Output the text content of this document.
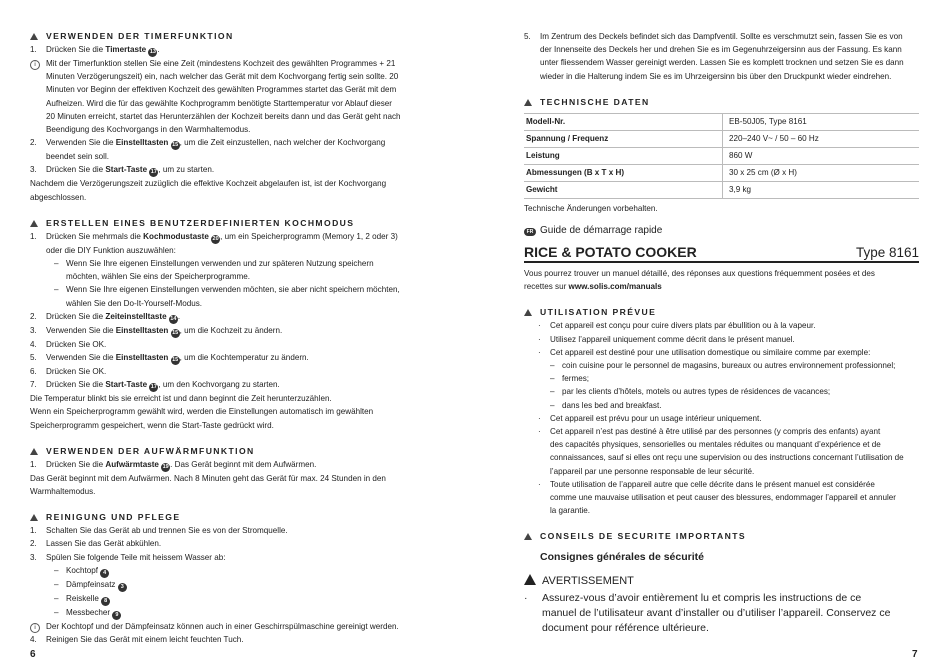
VERWENDEN DER TIMERFUNKTION
1. Drücken Sie die Timertaste 13.
i Mit der Timerfunktion stellen Sie eine Zeit (mindestens Kochzeit des gewählten Programmes + 21
Minuten Verzögerungszeit) ein, nach welcher das Gerät mit dem Kochvorgang fertig sein sollte. 20
Minuten vor Beginn der effektiven Kochzeit des gewählten Programmes startet das Gerät mit dem
Aufheizen. Wird die für das gewählte Kochprogramm benötigte Starttemperatur vor Ablauf dieser
20 Minuten erreicht, startet das Herunterzählen der Kochzeit bereits dann und das Gerät geht nach
Beendigung des Kochvorgangs in den Warmhaltemodus.
2. Verwenden Sie die Einstelltasten 15, um die Zeit einzustellen, nach welcher der Kochvorgang
beendet sein soll.
3. Drücken Sie die Start-Taste 17, um zu starten.
Nachdem die Verzögerungszeit zuzüglich die effektive Kochzeit abgelaufen ist, ist der Kochvorgang
abgeschlossen.
ERSTELLEN EINES BENUTZERDEFINIERTEN KOCHMODUS
1. Drücken Sie mehrmals die Kochmodustaste 20, um ein Speicherprogramm (Memory 1, 2 oder 3)
oder die DIY Funktion auszuwählen:
– Wenn Sie Ihre eigenen Einstellungen verwenden und zur späteren Nutzung speichern
möchten, wählen Sie eins der Speicherprogramme.
– Wenn Sie Ihre eigenen Einstellungen verwenden möchten, sie aber nicht speichern möchten,
wählen Sie den Do-It-Yourself-Modus.
2. Drücken Sie die Zeiteinstelltaste 14.
3. Verwenden Sie die Einstelltasten 15, um die Kochzeit zu ändern.
4. Drücken Sie OK.
5. Verwenden Sie die Einstelltasten 15, um die Kochtemperatur zu ändern.
6. Drücken Sie OK.
7. Drücken Sie die Start-Taste 17, um den Kochvorgang zu starten.
Die Temperatur blinkt bis sie erreicht ist und dann beginnt die Zeit herunterzuzählen.
Wenn ein Speicherprogramm gewählt wird, werden die Einstellungen automatisch im gewählten
Speicherprogramm gespeichert, wenn die Start-Taste gedrückt wird.
VERWENDEN DER AUFWÄRMFUNKTION
1. Drücken Sie die Aufwärmtaste 19. Das Gerät beginnt mit dem Aufwärmen.
Das Gerät beginnt mit dem Aufwärmen. Nach 8 Minuten geht das Gerät für max. 24 Stunden in den
Warmhaltemodus.
REINIGUNG UND PFLEGE
1. Schalten Sie das Gerät ab und trennen Sie es von der Stromquelle.
2. Lassen Sie das Gerät abkühlen.
3. Spülen Sie folgende Teile mit heissem Wasser ab:
– Kochtopf 4
– Dämpfeinsatz 3
– Reiskelle 8
– Messbecher 9
i Der Kochtopf und der Dämpfeinsatz können auch in einer Geschirrspülmaschine gereinigt werden.
4. Reinigen Sie das Gerät mit einem leicht feuchten Tuch.
5. Im Zentrum des Deckels befindet sich das Dampfventil. Sollte es verschmutzt sein, fassen Sie es von
der Innenseite des Deckels her und drehen Sie es im Gegenuhrzeigersinn aus der Fassung. Es kann
unter fliessendem Wasser gereinigt werden. Lassen Sie es komplett trocknen und setzen Sie es dann
wieder in die Halterung indem Sie es im Uhrzeigersinn bis über den Druckpunkt wieder eindrehen.
TECHNISCHE DATEN
Modell-Nr.	EB-50J05, Type 8161
Spannung / Frequenz	220–240 V~ / 50 – 60 Hz
Leistung	860 W
Abmessungen (B x T x H)	30 x 25 cm (Ø x H)
Gewicht	3,9 kg
Technische Änderungen vorbehalten.
FR Guide de démarrage rapide
RICE & POTATO COOKER	Type 8161
Vous pourrez trouver un manuel détaillé, des réponses aux questions fréquemment posées et des
recettes sur www.solis.com/manuals
UTILISATION PRÉVUE
· Cet appareil est conçu pour cuire divers plats par ébullition ou à la vapeur.
· Utilisez l’appareil uniquement comme décrit dans le présent manuel.
· Cet appareil est destiné pour une utilisation domestique ou similaire comme par exemple:
– coin cuisine pour le personnel de magasins, bureaux ou autres environnement professionnel;
– fermes;
– par les clients d’hôtels, motels ou autres types de résidences de vacances;
– dans les bed and breakfast.
· Cet appareil est prévu pour un usage intérieur uniquement.
· Cet appareil n’est pas destiné à être utilisé par des personnes (y compris des enfants) ayant
des capacités physiques, sensorielles ou mentales réduites ou manquant d’expérience et de
connaissances, sauf si elles ont reçu une supervision ou des instructions concernant l’utilisation de
l’appareil par une personne responsable de leur sécurité.
· Toute utilisation de l’appareil autre que celle décrite dans le présent manuel est considérée
comme une mauvaise utilisation et peut causer des blessures, endommager l’appareil et annuler
la garantie.
CONSEILS DE SECURITE IMPORTANTS
Consignes générales de sécurité
AVERTISSEMENT
· Assurez-vous d’avoir entièrement lu et compris les instructions de ce
manuel de l’utilisateur avant d’installer ou d’utiliser l’appareil. Conservez ce
document pour référence ultérieure.
6	7
